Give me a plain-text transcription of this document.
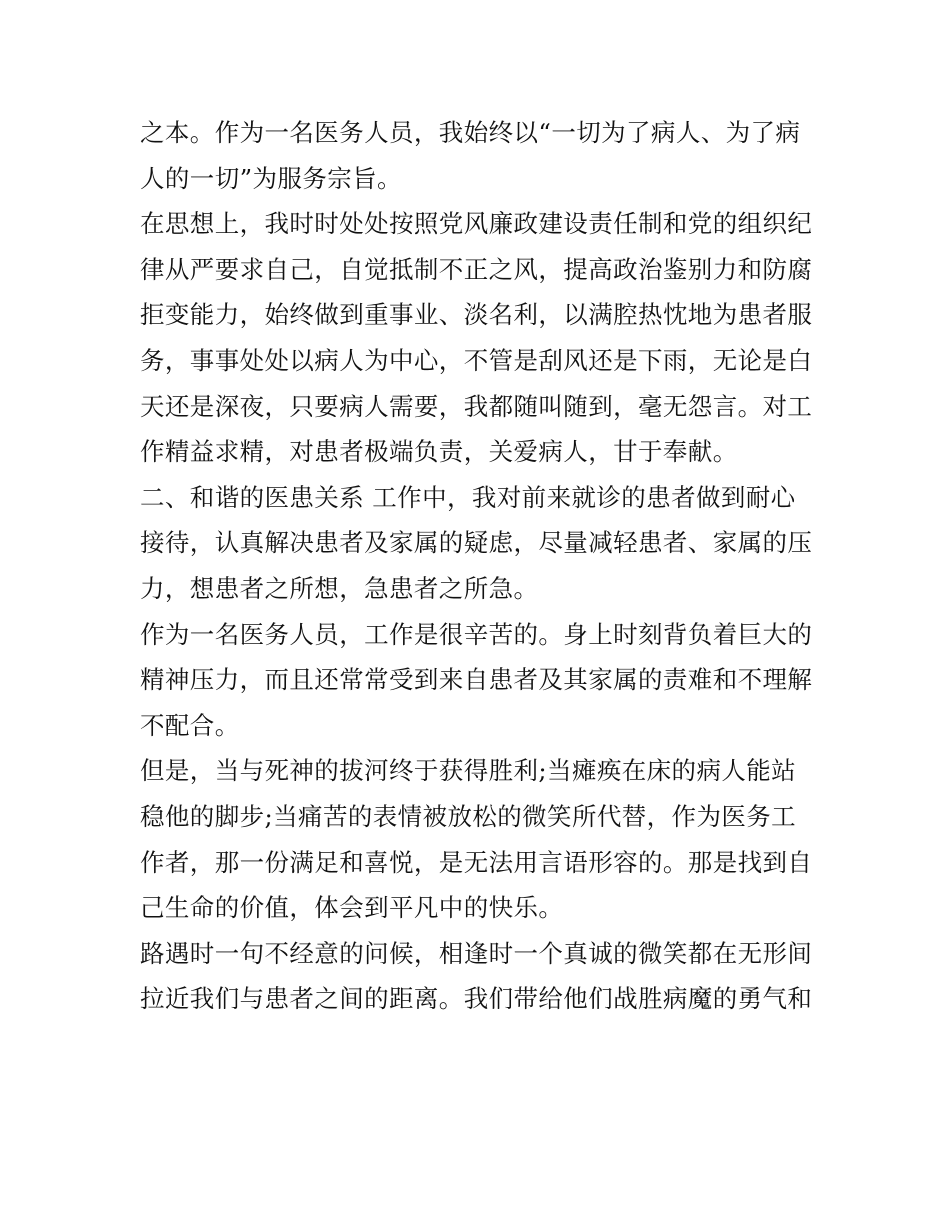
之本。作为一名医务人员，我始终以“一切为了病人、为了病人的一切”为服务宗旨。

在思想上，我时时处处按照党风廉政建设责任制和党的组织纪律从严要求自己，自觉抵制不正之风，提高政治鉴别力和防腐拒变能力，始终做到重事业、淡名利，以满腔热忱地为患者服务，事事处处以病人为中心，不管是刮风还是下雨，无论是白天还是深夜，只要病人需要，我都随叫随到，毫无怨言。对工作精益求精，对患者极端负责，关爱病人，甘于奉献。

二、和谐的医患关系 工作中，我对前来就诊的患者做到耐心接待，认真解决患者及家属的疑虑，尽量减轻患者、家属的压力，想患者之所想，急患者之所急。

作为一名医务人员，工作是很辛苦的。身上时刻背负着巨大的精神压力，而且还常常受到来自患者及其家属的责难和不理解不配合。

但是，当与死神的拔河终于获得胜利;当瘫痪在床的病人能站稳他的脚步;当痛苦的表情被放松的微笑所代替，作为医务工作者，那一份满足和喜悦，是无法用言语形容的。那是找到自己生命的价值，体会到平凡中的快乐。

路遇时一句不经意的问候，相逢时一个真诚的微笑都在无形间拉近我们与患者之间的距离。我们带给他们战胜病魔的勇气和
